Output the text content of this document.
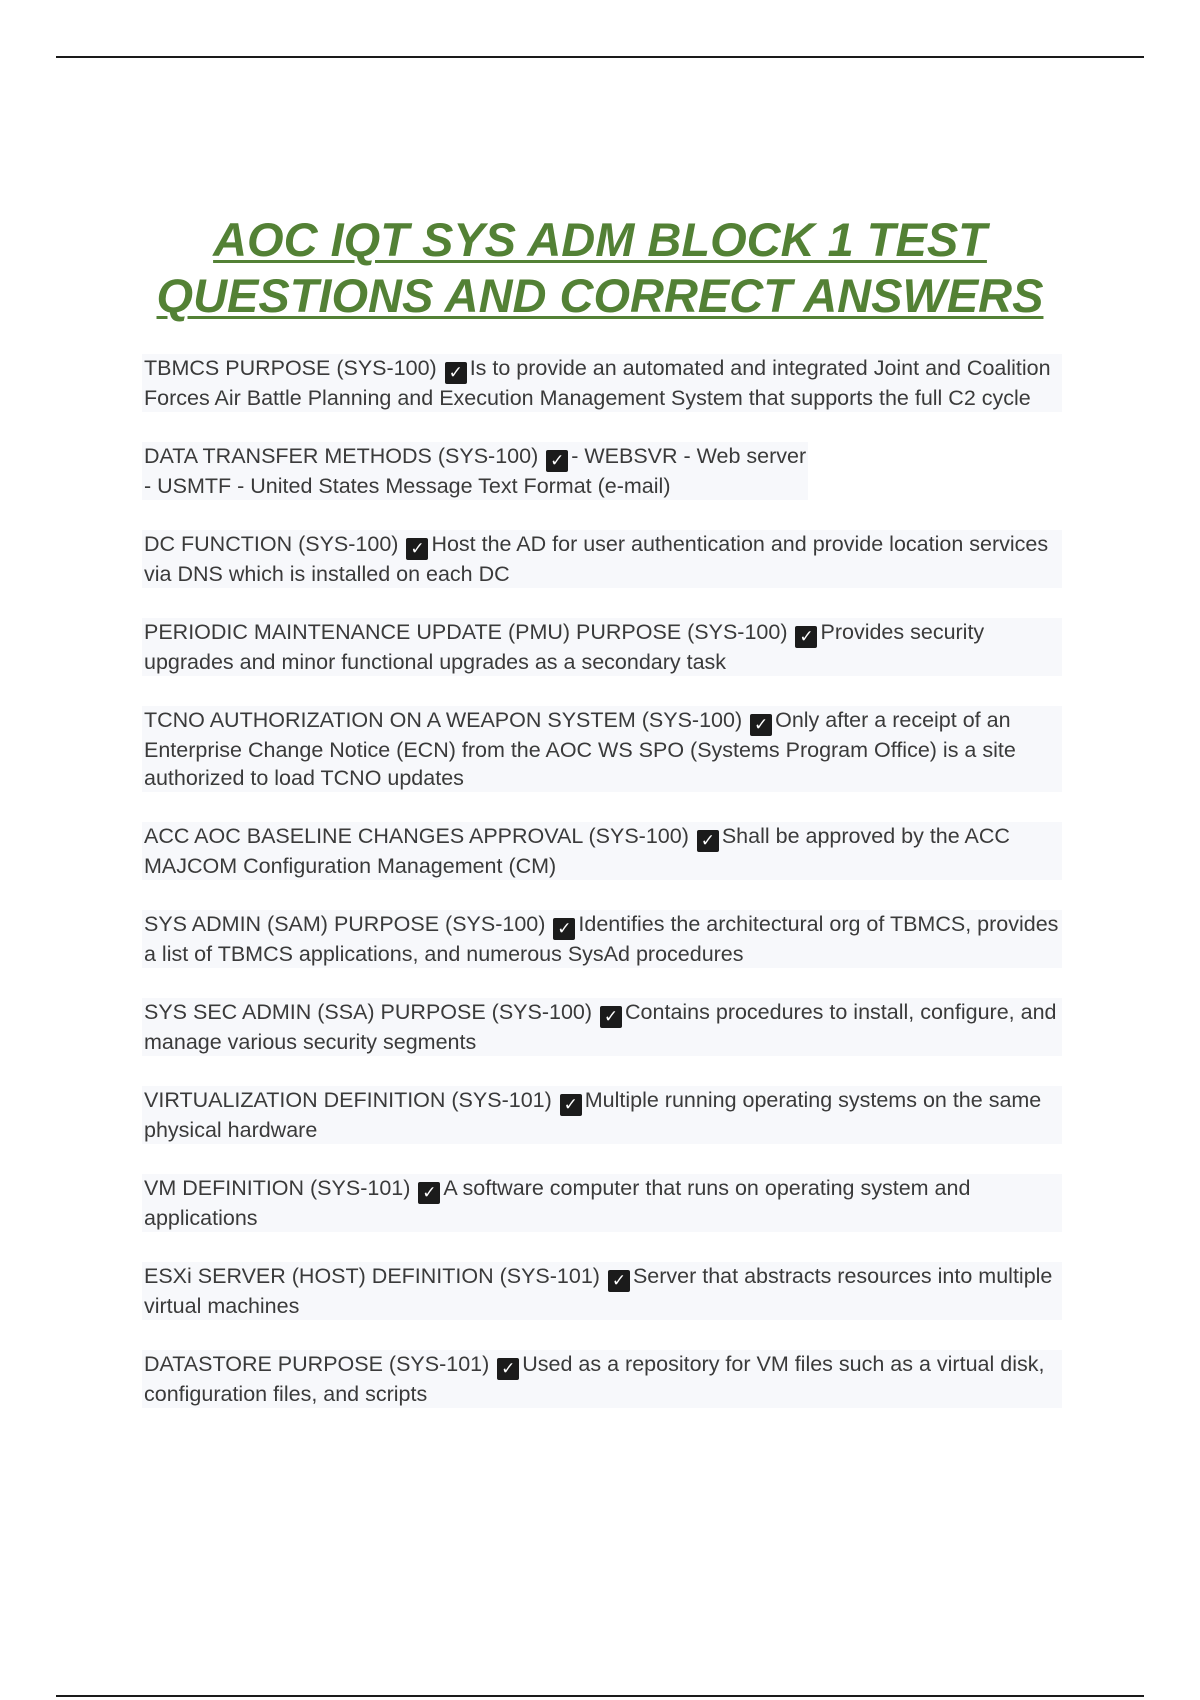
AOC IQT SYS ADM BLOCK 1 TEST
QUESTIONS AND CORRECT ANSWERS
TBMCS PURPOSE (SYS-100) ✓ Is to provide an automated and integrated Joint and Coalition Forces Air Battle Planning and Execution Management System that supports the full C2 cycle
DATA TRANSFER METHODS (SYS-100) ✓ - WEBSVR - Web server
- USMTF - United States Message Text Format (e-mail)
DC FUNCTION (SYS-100) ✓ Host the AD for user authentication and provide location services via DNS which is installed on each DC
PERIODIC MAINTENANCE UPDATE (PMU) PURPOSE (SYS-100) ✓ Provides security upgrades and minor functional upgrades as a secondary task
TCNO AUTHORIZATION ON A WEAPON SYSTEM (SYS-100) ✓ Only after a receipt of an Enterprise Change Notice (ECN) from the AOC WS SPO (Systems Program Office) is a site authorized to load TCNO updates
ACC AOC BASELINE CHANGES APPROVAL (SYS-100) ✓ Shall be approved by the ACC MAJCOM Configuration Management (CM)
SYS ADMIN (SAM) PURPOSE (SYS-100) ✓ Identifies the architectural org of TBMCS, provides a list of TBMCS applications, and numerous SysAd procedures
SYS SEC ADMIN (SSA) PURPOSE (SYS-100) ✓ Contains procedures to install, configure, and manage various security segments
VIRTUALIZATION DEFINITION (SYS-101) ✓ Multiple running operating systems on the same physical hardware
VM DEFINITION (SYS-101) ✓ A software computer that runs on operating system and applications
ESXi SERVER (HOST) DEFINITION (SYS-101) ✓ Server that abstracts resources into multiple virtual machines
DATASTORE PURPOSE (SYS-101) ✓ Used as a repository for VM files such as a virtual disk, configuration files, and scripts
